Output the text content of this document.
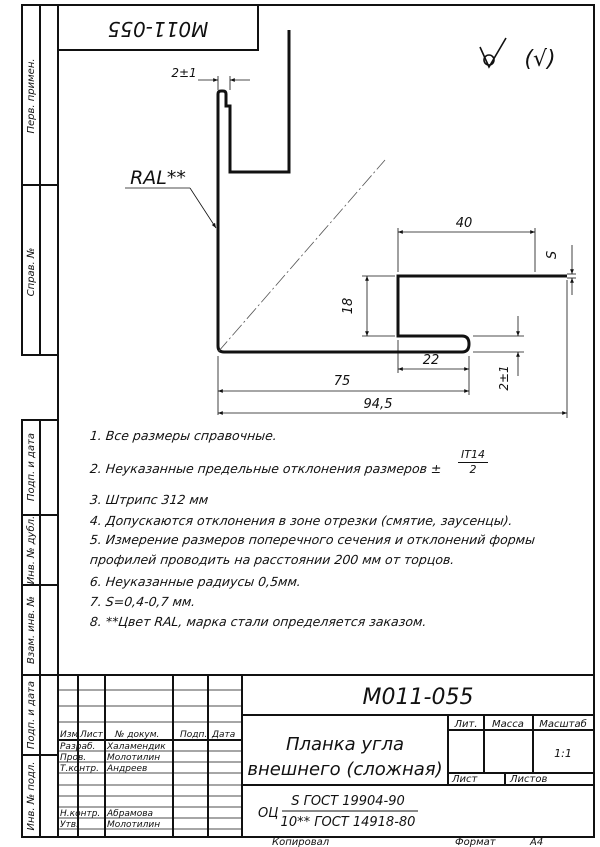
М011-055
Перв. примен.
Справ. №
Подп. и дата
Инв. № дубл.
Взам. инв. №
Подп. и дата
Инв. № подл.
(√)
2±1
RAL**
40
S
18
22
75
94,5
2±1
М011-055
Планка угла
внешнего (сложная)
Изм Лист № докум. Подп. Дата
Разраб. Халамендик
Пров. Молотилин
Т.контр. Андреев
Н.контр. Абрамова
Утв.	Молотилин
Лит. Масса Масштаб
1:1
Лист	Листов
S ГОСТ 19904-90
ОЦ
10** ГОСТ 14918-80
Копировал	Формат	А4
1. Все размеры справочные.
2. Неуказанные предельные отклонения размеров ± $\frac{IT14}{2}$
3. Штрипс 312 мм
4. Допускаются отклонения в зоне отрезки (смятие, заусенцы).
5. Измерение размеров поперечного сечения и отклонений формы
профилей проводить на расстоянии 200 мм от торцов.
6. Неуказанные радиусы 0,5мм.
7. S=0,4-0,7 мм.
8. **Цвет RAL, марка стали определяется заказом.
